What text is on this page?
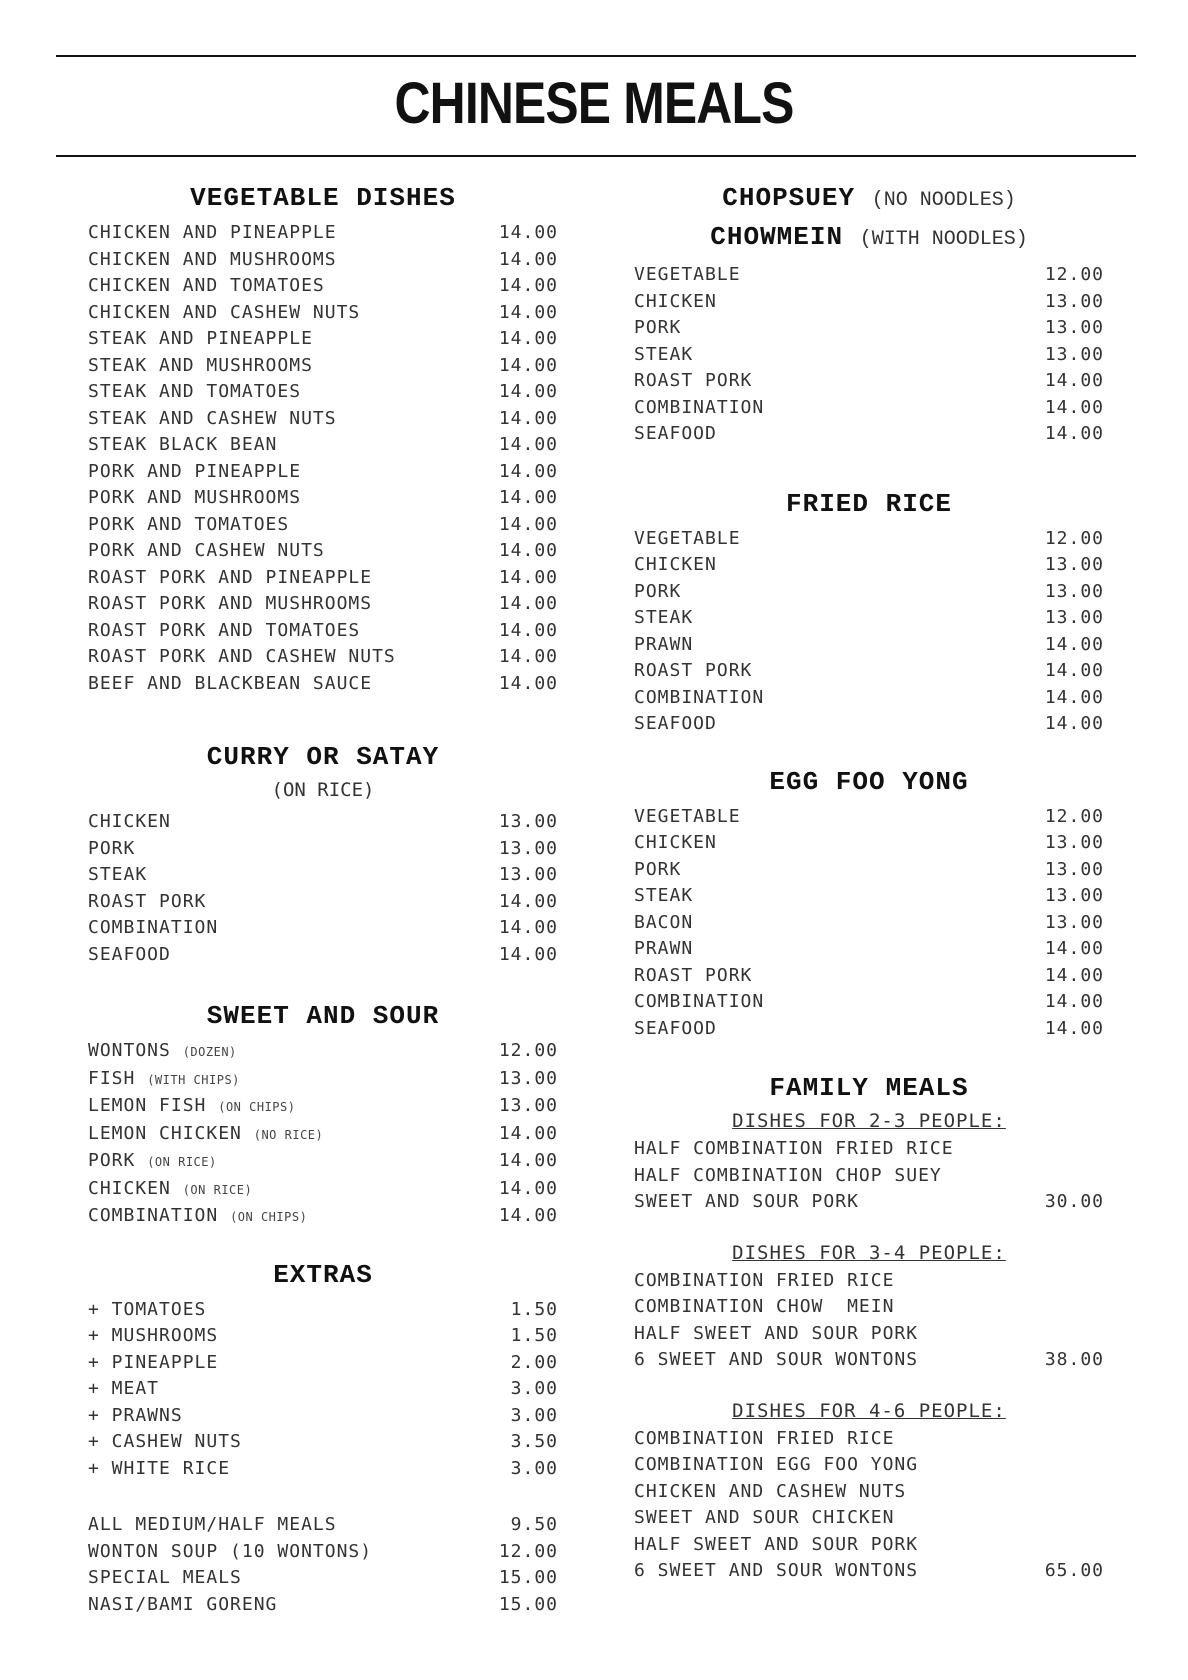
CHINESE MEALS
VEGETABLE DISHES
CHICKEN AND PINEAPPLE	14.00
CHICKEN AND MUSHROOMS	14.00
CHICKEN AND TOMATOES	14.00
CHICKEN AND CASHEW NUTS	14.00
STEAK AND PINEAPPLE	14.00
STEAK AND MUSHROOMS	14.00
STEAK AND TOMATOES	14.00
STEAK AND CASHEW NUTS	14.00
STEAK BLACK BEAN	14.00
PORK AND PINEAPPLE	14.00
PORK AND MUSHROOMS	14.00
PORK AND TOMATOES	14.00
PORK AND CASHEW NUTS	14.00
ROAST PORK AND PINEAPPLE	14.00
ROAST PORK AND MUSHROOMS	14.00
ROAST PORK AND TOMATOES	14.00
ROAST PORK AND CASHEW NUTS	14.00
BEEF AND BLACKBEAN SAUCE	14.00
CURRY OR SATAY
(ON RICE)
CHICKEN	13.00
PORK	13.00
STEAK	13.00
ROAST PORK	14.00
COMBINATION	14.00
SEAFOOD	14.00
SWEET AND SOUR
WONTONS (DOZEN)	12.00
FISH (WITH CHIPS)	13.00
LEMON FISH (ON CHIPS)	13.00
LEMON CHICKEN (NO RICE)	14.00
PORK (ON RICE)	14.00
CHICKEN (ON RICE)	14.00
COMBINATION (ON CHIPS)	14.00
EXTRAS
+ TOMATOES	1.50
+ MUSHROOMS	1.50
+ PINEAPPLE	2.00
+ MEAT	3.00
+ PRAWNS	3.00
+ CASHEW NUTS	3.50
+ WHITE RICE	3.00
ALL MEDIUM/HALF MEALS	9.50
WONTON SOUP (10 WONTONS)	12.00
SPECIAL MEALS	15.00
NASI/BAMI GORENG	15.00
CHOPSUEY (NO NOODLES)
CHOWMEIN (WITH NOODLES)
VEGETABLE	12.00
CHICKEN	13.00
PORK	13.00
STEAK	13.00
ROAST PORK	14.00
COMBINATION	14.00
SEAFOOD	14.00
FRIED RICE
VEGETABLE	12.00
CHICKEN	13.00
PORK	13.00
STEAK	13.00
PRAWN	14.00
ROAST PORK	14.00
COMBINATION	14.00
SEAFOOD	14.00
EGG FOO YONG
VEGETABLE	12.00
CHICKEN	13.00
PORK	13.00
STEAK	13.00
BACON	13.00
PRAWN	14.00
ROAST PORK	14.00
COMBINATION	14.00
SEAFOOD	14.00
FAMILY MEALS
DISHES FOR 2-3 PEOPLE:
HALF COMBINATION FRIED RICE
HALF COMBINATION CHOP SUEY
SWEET AND SOUR PORK	30.00
DISHES FOR 3-4 PEOPLE:
COMBINATION FRIED RICE
COMBINATION CHOW  MEIN
HALF SWEET AND SOUR PORK
6 SWEET AND SOUR WONTONS	38.00
DISHES FOR 4-6 PEOPLE:
COMBINATION FRIED RICE
COMBINATION EGG FOO YONG
CHICKEN AND CASHEW NUTS
SWEET AND SOUR CHICKEN
HALF SWEET AND SOUR PORK
6 SWEET AND SOUR WONTONS	65.00
